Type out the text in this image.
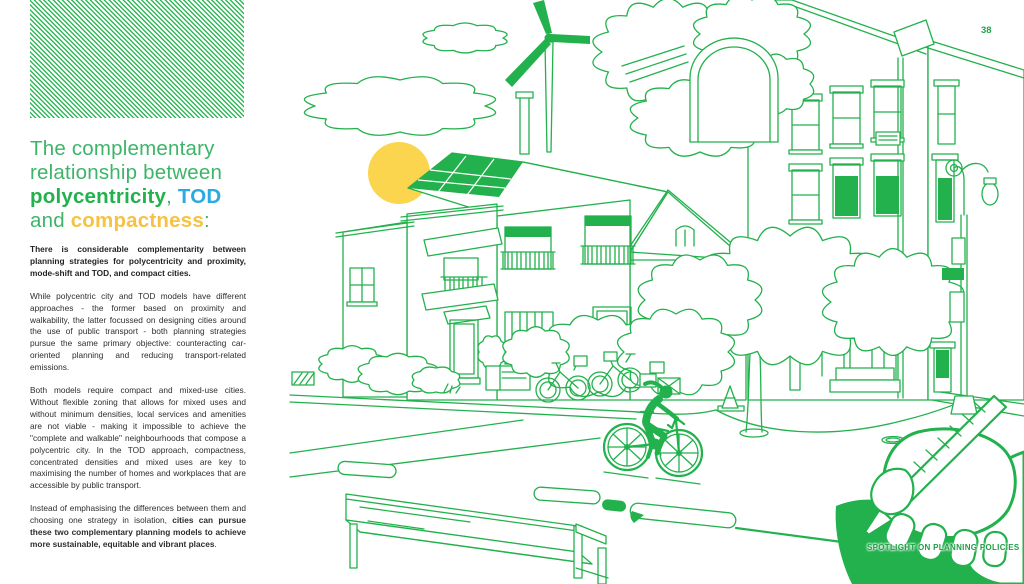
The complementary
relationship between
polycentricity, TOD
and compactness:

There is considerable complementarity between planning strategies for polycentricity and proximity, mode-shift and TOD, and compact cities.

While polycentric city and TOD models have different approaches - the former based on proximity and walkability, the latter focussed on designing cities around the use of public transport - both planning strategies pursue the same primary objective: counteracting car-oriented planning and reducing transport-related emissions.

Both models require compact and mixed-use cities. Without flexible zoning that allows for mixed uses and without minimum densities, local services and amenities are not viable - making it impossible to achieve the "complete and walkable" neighbourhoods that compose a polycentric city. In the TOD approach, compactness, concentrated densities and mixed uses are key to maximising the number of homes and workplaces that are accessible by public transport.

Instead of emphasising the differences between them and choosing one strategy in isolation, cities can pursue these two complementary planning models to achieve more sustainable, equitable and vibrant places.

38
SPOTLIGHT ON PLANNING POLICIES
